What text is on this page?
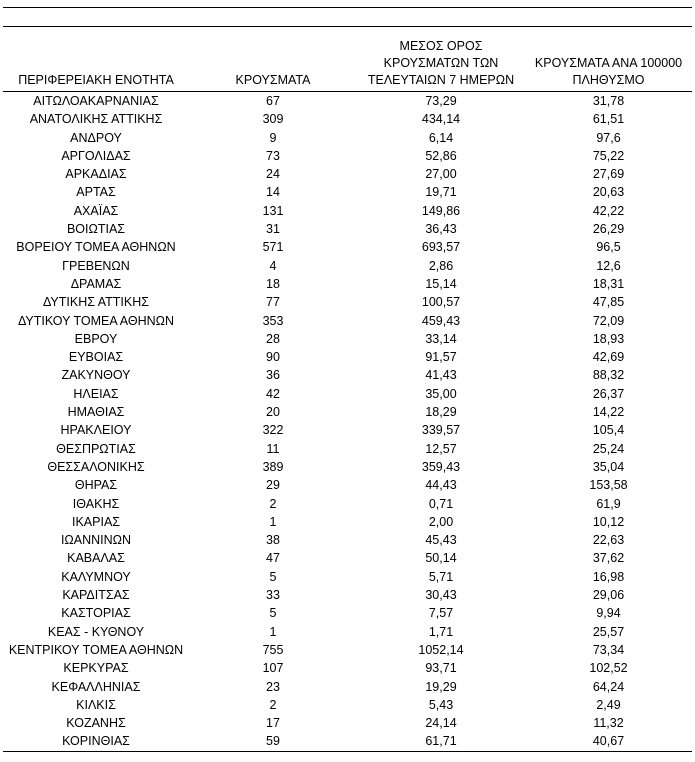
ΠΕΡΙΦΕΡΕΙΑΚΗ ΕΝΟΤΗΤΑ	ΚΡΟΥΣΜΑΤΑ	ΜΕΣΟΣ ΟΡΟΣ ΚΡΟΥΣΜΑΤΩΝ ΤΩΝ ΤΕΛΕΥΤΑΙΩΝ 7 ΗΜΕΡΩΝ	ΚΡΟΥΣΜΑΤΑ ΑΝΑ 100000 ΠΛΗΘΥΣΜΟ
ΑΙΤΩΛΟΑΚΑΡΝΑΝΙΑΣ	67	73,29	31,78
ΑΝΑΤΟΛΙΚΗΣ ΑΤΤΙΚΗΣ	309	434,14	61,51
ΑΝΔΡΟΥ	9	6,14	97,6
ΑΡΓΟΛΙΔΑΣ	73	52,86	75,22
ΑΡΚΑΔΙΑΣ	24	27,00	27,69
ΑΡΤΑΣ	14	19,71	20,63
ΑΧΑΪΑΣ	131	149,86	42,22
ΒΟΙΩΤΙΑΣ	31	36,43	26,29
ΒΟΡΕΙΟΥ ΤΟΜΕΑ ΑΘΗΝΩΝ	571	693,57	96,5
ΓΡΕΒΕΝΩΝ	4	2,86	12,6
ΔΡΑΜΑΣ	18	15,14	18,31
ΔΥΤΙΚΗΣ ΑΤΤΙΚΗΣ	77	100,57	47,85
ΔΥΤΙΚΟΥ ΤΟΜΕΑ ΑΘΗΝΩΝ	353	459,43	72,09
ΕΒΡΟΥ	28	33,14	18,93
ΕΥΒΟΙΑΣ	90	91,57	42,69
ΖΑΚΥΝΘΟΥ	36	41,43	88,32
ΗΛΕΙΑΣ	42	35,00	26,37
ΗΜΑΘΙΑΣ	20	18,29	14,22
ΗΡΑΚΛΕΙΟΥ	322	339,57	105,4
ΘΕΣΠΡΩΤΙΑΣ	11	12,57	25,24
ΘΕΣΣΑΛΟΝΙΚΗΣ	389	359,43	35,04
ΘΗΡΑΣ	29	44,43	153,58
ΙΘΑΚΗΣ	2	0,71	61,9
ΙΚΑΡΙΑΣ	1	2,00	10,12
ΙΩΑΝΝΙΝΩΝ	38	45,43	22,63
ΚΑΒΑΛΑΣ	47	50,14	37,62
ΚΑΛΥΜΝΟΥ	5	5,71	16,98
ΚΑΡΔΙΤΣΑΣ	33	30,43	29,06
ΚΑΣΤΟΡΙΑΣ	5	7,57	9,94
ΚΕΑΣ - ΚΥΘΝΟΥ	1	1,71	25,57
ΚΕΝΤΡΙΚΟΥ ΤΟΜΕΑ ΑΘΗΝΩΝ	755	1052,14	73,34
ΚΕΡΚΥΡΑΣ	107	93,71	102,52
ΚΕΦΑΛΛΗΝΙΑΣ	23	19,29	64,24
ΚΙΛΚΙΣ	2	5,43	2,49
ΚΟΖΑΝΗΣ	17	24,14	11,32
ΚΟΡΙΝΘΙΑΣ	59	61,71	40,67
